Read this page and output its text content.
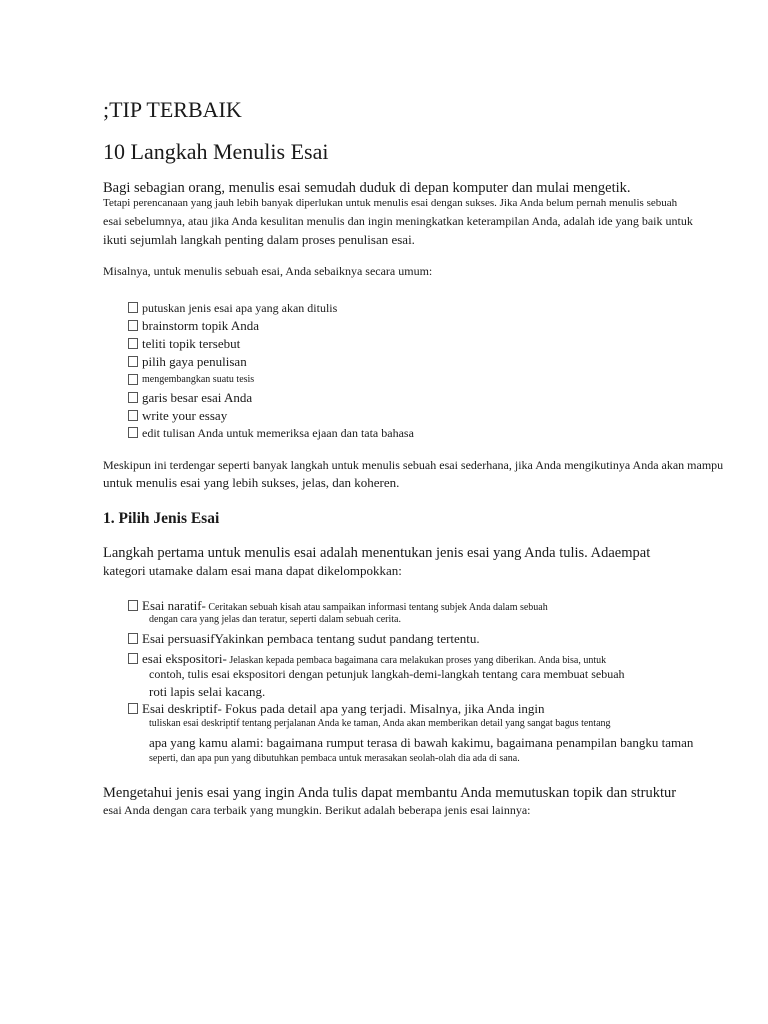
;TIP TERBAIK
10 Langkah Menulis Esai
Bagi sebagian orang, menulis esai semudah duduk di depan komputer dan mulai mengetik.
Tetapi perencanaan yang jauh lebih banyak diperlukan untuk menulis esai dengan sukses. Jika Anda belum pernah menulis sebuah
esai sebelumnya, atau jika Anda kesulitan menulis dan ingin meningkatkan keterampilan Anda, adalah ide yang baik untuk
ikuti sejumlah langkah penting dalam proses penulisan esai.
Misalnya, untuk menulis sebuah esai, Anda sebaiknya secara umum:
putuskan jenis esai apa yang akan ditulis
brainstorm topik Anda
teliti topik tersebut
pilih gaya penulisan
mengembangkan suatu tesis
garis besar esai Anda
write your essay
edit tulisan Anda untuk memeriksa ejaan dan tata bahasa
Meskipun ini terdengar seperti banyak langkah untuk menulis sebuah esai sederhana, jika Anda mengikutinya Anda akan mampu
untuk menulis esai yang lebih sukses, jelas, dan koheren.
1. Pilih Jenis Esai
Langkah pertama untuk menulis esai adalah menentukan jenis esai yang Anda tulis. Adaempat
kategori utamake dalam esai mana dapat dikelompokkan:
Esai naratif- Ceritakan sebuah kisah atau sampaikan informasi tentang subjek Anda dalam sebuah
dengan cara yang jelas dan teratur, seperti dalam sebuah cerita.
Esai persuasifYakinkan pembaca tentang sudut pandang tertentu.
esai ekspositori- Jelaskan kepada pembaca bagaimana cara melakukan proses yang diberikan. Anda bisa, untuk
contoh, tulis esai ekspositori dengan petunjuk langkah-demi-langkah tentang cara membuat sebuah
roti lapis selai kacang.
Esai deskriptif- Fokus pada detail apa yang terjadi. Misalnya, jika Anda ingin
tuliskan esai deskriptif tentang perjalanan Anda ke taman, Anda akan memberikan detail yang sangat bagus tentang
apa yang kamu alami: bagaimana rumput terasa di bawah kakimu, bagaimana penampilan bangku taman
seperti, dan apa pun yang dibutuhkan pembaca untuk merasakan seolah-olah dia ada di sana.
Mengetahui jenis esai yang ingin Anda tulis dapat membantu Anda memutuskan topik dan struktur
esai Anda dengan cara terbaik yang mungkin. Berikut adalah beberapa jenis esai lainnya:
